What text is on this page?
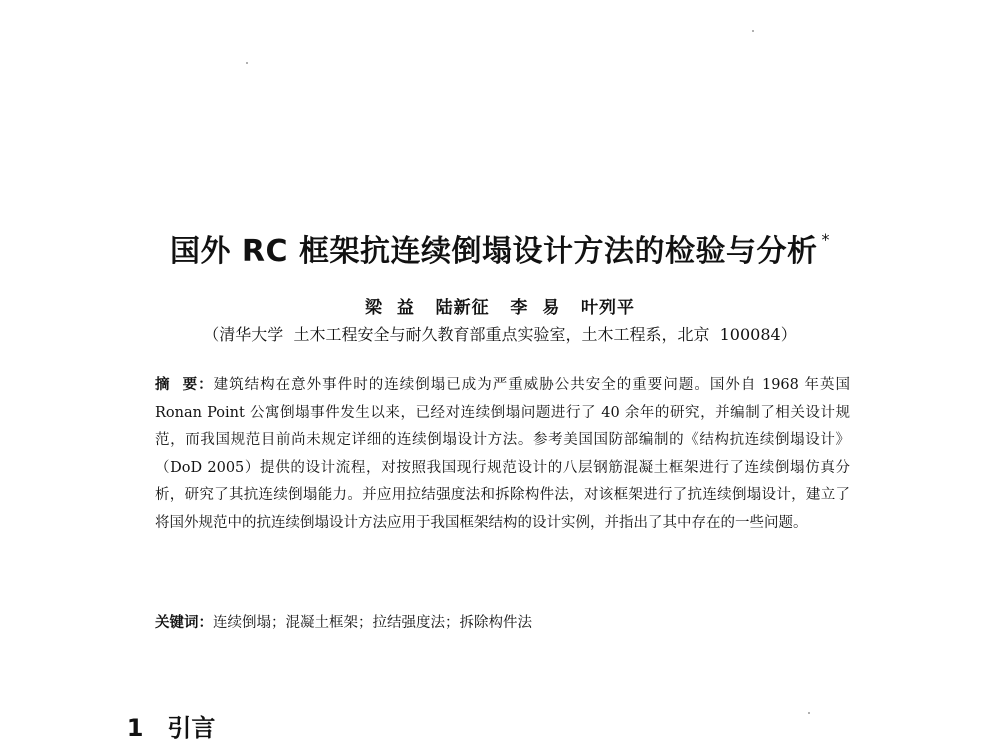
国外 RC 框架抗连续倒塌设计方法的检验与分析 *
梁  益   陆新征   李  易   叶列平
（清华大学  土木工程安全与耐久教育部重点实验室，土木工程系，北京  100084）
摘  要：建筑结构在意外事件时的连续倒塌已成为严重威胁公共安全的重要问题。国外自 1968 年英国 Ronan Point 公寓倒塌事件发生以来，已经对连续倒塌问题进行了 40 余年的研究，并编制了相关设计规范，而我国规范目前尚未规定详细的连续倒塌设计方法。参考美国国防部编制的《结构抗连续倒塌设计》（DoD 2005）提供的设计流程，对按照我国现行规范设计的八层钢筋混凝土框架进行了连续倒塌仿真分析，研究了其抗连续倒塌能力。并应用拉结强度法和拆除构件法，对该框架进行了抗连续倒塌设计，建立了将国外规范中的抗连续倒塌设计方法应用于我国框架结构的设计实例，并指出了其中存在的一些问题。
关键词：连续倒塌；混凝土框架；拉结强度法；拆除构件法

1 引言
